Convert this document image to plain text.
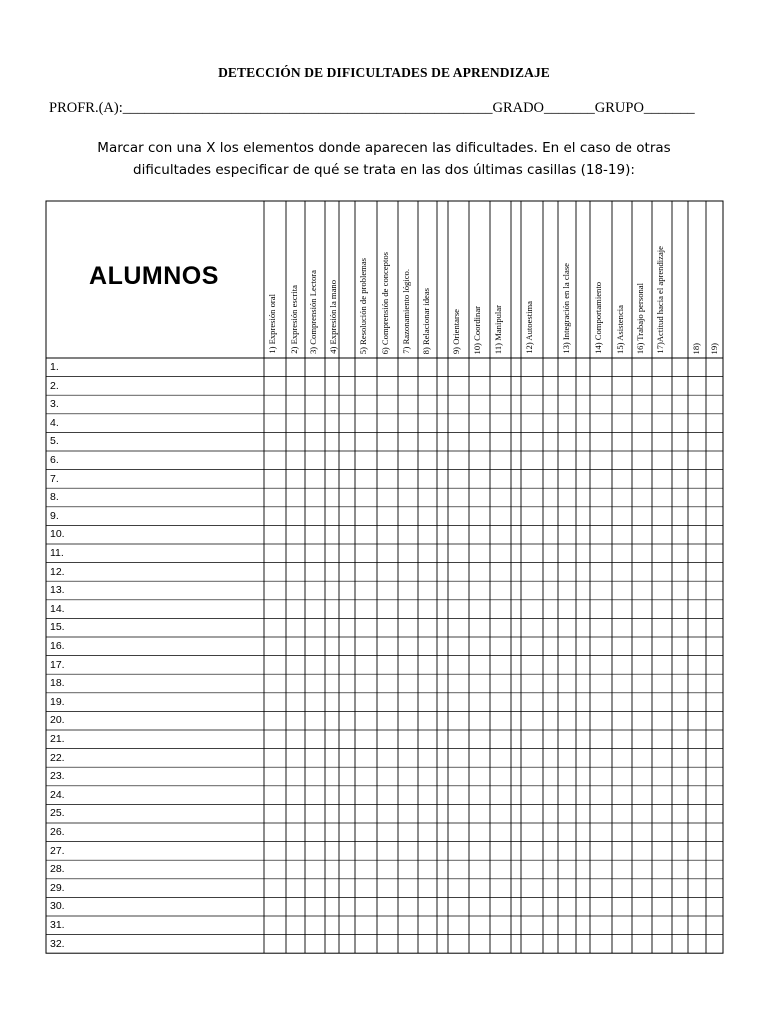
DETECCIÓN DE DIFICULTADES DE APRENDIZAJE
PROFR.(A):___________________________________________________GRADO_______GRUPO_______
Marcar con una X los elementos donde aparecen las dificultades. En el caso de otras
dificultades especificar de qué se trata en las dos últimas casillas (18-19):
ALUMNOS
1) Expresión oral 2) Expresión escrita 3) Comprensión Lectora 4) Expresión la mano 5) Resolución de problemas 6) Comprensión de conceptos 7) Razonamiento lógico. 8) Relacionar ideas 9) Orientarse 10) Coordinar 11) Manipular 12) Autoestima	13) Integración en la clase	14) Comportamiento 15) Asistencia 16) Trabajo personal 17)Actitud hacia el aprendizaje	18) 19)
1.
2.
3.
4.
5.
6.
7.
8.
9.
10.
11.
12.
13.
14.
15.
16.
17.
18.
19.
20.
21.
22.
23.
24.
25.
26.
27.
28.
29.
30.
31.
32.
